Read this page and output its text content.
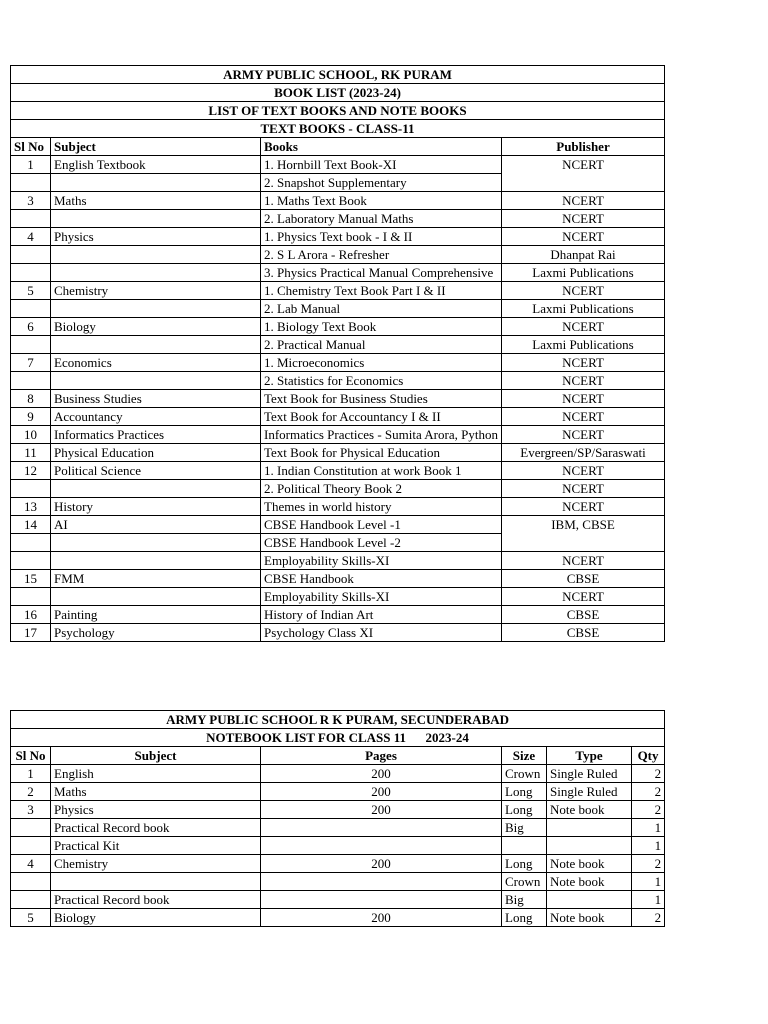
ARMY PUBLIC SCHOOL, RK PURAM			
BOOK LIST (2023-24)			
LIST OF TEXT BOOKS AND NOTE BOOKS			
TEXT BOOKS - CLASS-11			
Sl No	Subject	Books	Publisher
1	English Textbook	1. Hornbill Text Book-XI	NCERT
		2. Snapshot Supplementary	
3	Maths	1. Maths Text Book	NCERT
		2. Laboratory Manual Maths	NCERT
4	Physics	1. Physics Text book - I & II	NCERT
		2. S L Arora - Refresher	Dhanpat Rai
		3. Physics Practical Manual Comprehensive	Laxmi Publications
5	Chemistry	1. Chemistry Text Book Part I & II	NCERT
		2. Lab Manual	Laxmi Publications
6	Biology	1. Biology Text Book	NCERT
		2. Practical Manual	Laxmi Publications
7	Economics	1. Microeconomics	NCERT
		2. Statistics for Economics	NCERT
8	Business Studies	Text Book for Business Studies	NCERT
9	Accountancy	Text Book for Accountancy I & II	NCERT
10	Informatics Practices	Informatics Practices - Sumita Arora, Python	NCERT
11	Physical Education	Text Book for Physical Education	Evergreen/SP/Saraswati
12	Political Science	1. Indian Constitution at work Book 1	NCERT
		2. Political Theory Book 2	NCERT
13	History	Themes in world history	NCERT
14	AI	CBSE Handbook Level -1	IBM, CBSE
		CBSE Handbook Level -2	
		Employability Skills-XI	NCERT
15	FMM	CBSE Handbook	CBSE
		Employability Skills-XI	NCERT
16	Painting	History of Indian Art	CBSE
17	Psychology	Psychology Class XI	CBSE
ARMY PUBLIC SCHOOL R K PURAM, SECUNDERABAD					
NOTEBOOK LIST FOR CLASS 11      2023-24					
Sl No	Subject	Pages	Size	Type	Qty
1	English	200	Crown	Single Ruled	2
2	Maths	200	Long	Single Ruled	2
3	Physics	200	Long	Note book	2
	Practical Record book		Big		1
	Practical Kit				1
4	Chemistry	200	Long	Note book	2
			Crown	Note book	1
	Practical Record book		Big		1
5	Biology	200	Long	Note book	2
